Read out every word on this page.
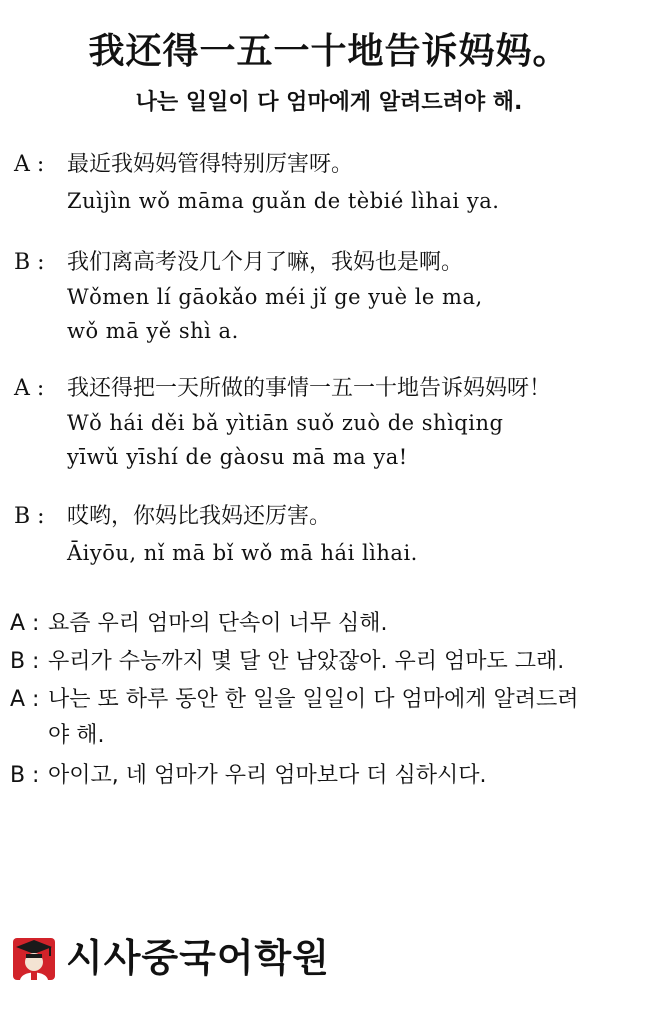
我还得一五一十地告诉妈妈。
나는 일일이 다 엄마에게 알려드려야 해.
A : 最近我妈妈管得特别厉害呀。
Zuìjìn wǒ māma guǎn de tèbié lìhai ya.
B : 我们离高考没几个月了嘛，我妈也是啊。
Wǒmen lí gāokǎo méi jǐ ge yuè le ma,
wǒ mā yě shì a.
A : 我还得把一天所做的事情一五一十地告诉妈妈呀！
Wǒ hái děi bǎ yìtiān suǒ zuò de shìqing
yīwǔ yīshí de gàosu mā ma ya!
B : 哎哟，你妈比我妈还厉害。
Āiyōu, nǐ mā bǐ wǒ mā hái lìhai.
A : 요즘 우리 엄마의 단속이 너무 심해.
B : 우리가 수능까지 몇 달 안 남았잖아. 우리 엄마도 그래.
A : 나는 또 하루 동안 한 일을 일일이 다 엄마에게 알려드려
야 해.
B : 아이고, 네 엄마가 우리 엄마보다 더 심하시다.
시사중국어학원
